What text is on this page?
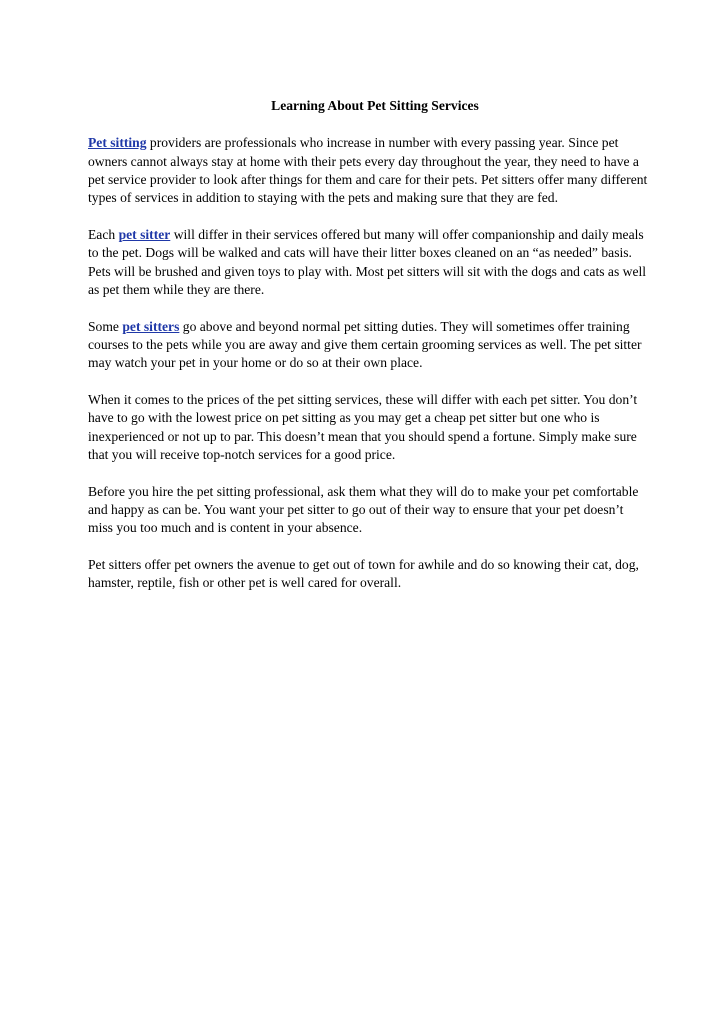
Learning About Pet Sitting Services

Pet sitting providers are professionals who increase in number with every passing year. Since pet owners cannot always stay at home with their pets every day throughout the year, they need to have a pet service provider to look after things for them and care for their pets. Pet sitters offer many different types of services in addition to staying with the pets and making sure that they are fed.

Each pet sitter will differ in their services offered but many will offer companionship and daily meals to the pet. Dogs will be walked and cats will have their litter boxes cleaned on an “as needed” basis. Pets will be brushed and given toys to play with. Most pet sitters will sit with the dogs and cats as well as pet them while they are there.

Some pet sitters go above and beyond normal pet sitting duties. They will sometimes offer training courses to the pets while you are away and give them certain grooming services as well. The pet sitter may watch your pet in your home or do so at their own place.

When it comes to the prices of the pet sitting services, these will differ with each pet sitter. You don’t have to go with the lowest price on pet sitting as you may get a cheap pet sitter but one who is inexperienced or not up to par. This doesn’t mean that you should spend a fortune. Simply make sure that you will receive top-notch services for a good price.

Before you hire the pet sitting professional, ask them what they will do to make your pet comfortable and happy as can be. You want your pet sitter to go out of their way to ensure that your pet doesn’t miss you too much and is content in your absence.

Pet sitters offer pet owners the avenue to get out of town for awhile and do so knowing their cat, dog, hamster, reptile, fish or other pet is well cared for overall.
